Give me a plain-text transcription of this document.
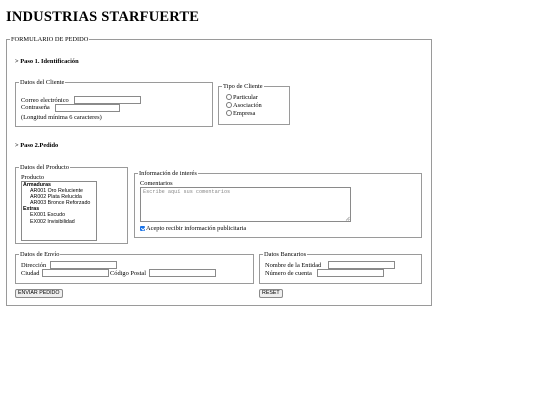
INDUSTRIAS STARFUERTE
FORMULARIO DE PEDIDO
> Paso 1. Identificación
Datos del Cliente
Correo electrónico
Contraseña
(Longitud mínima 6 caracteres)
Tipo de Cliente
Particular
Asociación
Empresa
> Paso 2.Pedido
Datos del Producto
Producto
Armaduras
AR001 Oro Reluciente
AR002 Plata Relucida
AR003 Bronce Reforzado
Extras
EX001 Escudo
EX002 Invisibilidad
Información de interés
Comentarios
Escribe aquí sus comentarios
Acepto recibir información publicitaria
Datos de Envío
Dirección
Ciudad	Código Postal
Datos Bancarios
Nombre de la Entidad
Número de cuenta
ENVIAR PEDIDO	RESET
